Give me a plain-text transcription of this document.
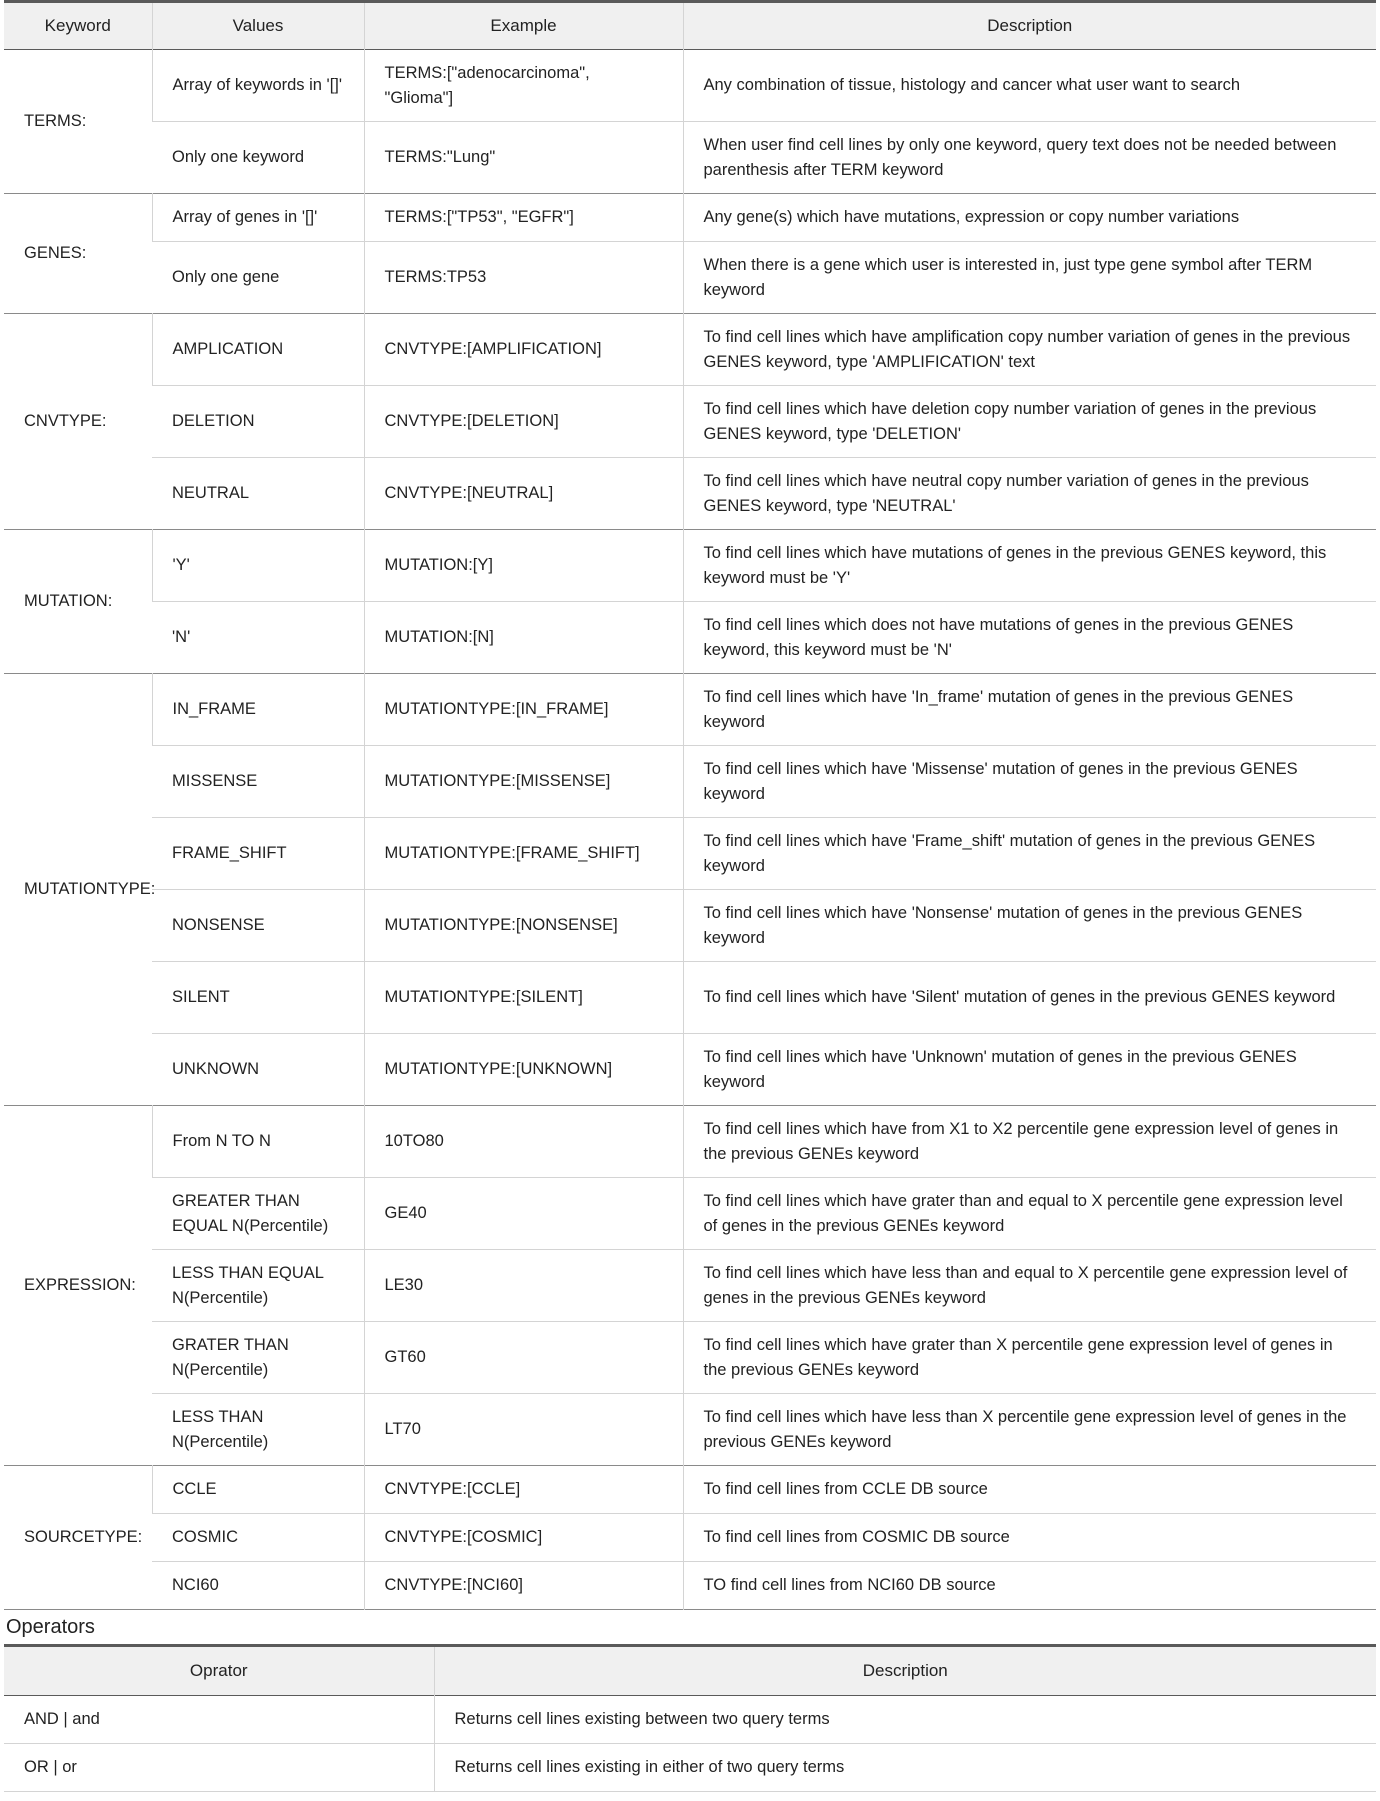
Keyword	Values	Example	Description
TERMS:	Array of keywords in '[]'	TERMS:["adenocarcinoma", "Glioma"]	Any combination of tissue, histology and cancer what user want to search
	Only one keyword	TERMS:"Lung"	When user find cell lines by only one keyword, query text does not be needed between parenthesis after TERM keyword
GENES:	Array of genes in '[]'	TERMS:["TP53", "EGFR"]	Any gene(s) which have mutations, expression or copy number variations
	Only one gene	TERMS:TP53	When there is a gene which user is interested in, just type gene symbol after TERM keyword
CNVTYPE:	AMPLICATION	CNVTYPE:[AMPLIFICATION]	To find cell lines which have amplification copy number variation of genes in the previous GENES keyword, type 'AMPLIFICATION' text
	DELETION	CNVTYPE:[DELETION]	To find cell lines which have deletion copy number variation of genes in the previous GENES keyword, type 'DELETION'
	NEUTRAL	CNVTYPE:[NEUTRAL]	To find cell lines which have neutral copy number variation of genes in the previous GENES keyword, type 'NEUTRAL'
MUTATION:	'Y'	MUTATION:[Y]	To find cell lines which have mutations of genes in the previous GENES keyword, this keyword must be 'Y'
	'N'	MUTATION:[N]	To find cell lines which does not have mutations of genes in the previous GENES keyword, this keyword must be 'N'
MUTATIONTYPE:	IN_FRAME	MUTATIONTYPE:[IN_FRAME]	To find cell lines which have 'In_frame' mutation of genes in the previous GENES keyword
	MISSENSE	MUTATIONTYPE:[MISSENSE]	To find cell lines which have 'Missense' mutation of genes in the previous GENES keyword
	FRAME_SHIFT	MUTATIONTYPE:[FRAME_SHIFT]	To find cell lines which have 'Frame_shift' mutation of genes in the previous GENES keyword
	NONSENSE	MUTATIONTYPE:[NONSENSE]	To find cell lines which have 'Nonsense' mutation of genes in the previous GENES keyword
	SILENT	MUTATIONTYPE:[SILENT]	To find cell lines which have 'Silent' mutation of genes in the previous GENES keyword
	UNKNOWN	MUTATIONTYPE:[UNKNOWN]	To find cell lines which have 'Unknown' mutation of genes in the previous GENES keyword
EXPRESSION:	From N TO N	10TO80	To find cell lines which have from X1 to X2 percentile gene expression level of genes in the previous GENEs keyword
	GREATER THAN EQUAL N(Percentile)	GE40	To find cell lines which have grater than and equal to X percentile gene expression level of genes in the previous GENEs keyword
	LESS THAN EQUAL N(Percentile)	LE30	To find cell lines which have less than and equal to X percentile gene expression level of genes in the previous GENEs keyword
	GRATER THAN N(Percentile)	GT60	To find cell lines which have grater than X percentile gene expression level of genes in the previous GENEs keyword
	LESS THAN N(Percentile)	LT70	To find cell lines which have less than X percentile gene expression level of genes in the previous GENEs keyword
SOURCETYPE:	CCLE	CNVTYPE:[CCLE]	To find cell lines from CCLE DB source
	COSMIC	CNVTYPE:[COSMIC]	To find cell lines from COSMIC DB source
	NCI60	CNVTYPE:[NCI60]	TO find cell lines from NCI60 DB source
Operators
Oprator	Description
AND | and	Returns cell lines existing between two query terms
OR | or	Returns cell lines existing in either of two query terms
